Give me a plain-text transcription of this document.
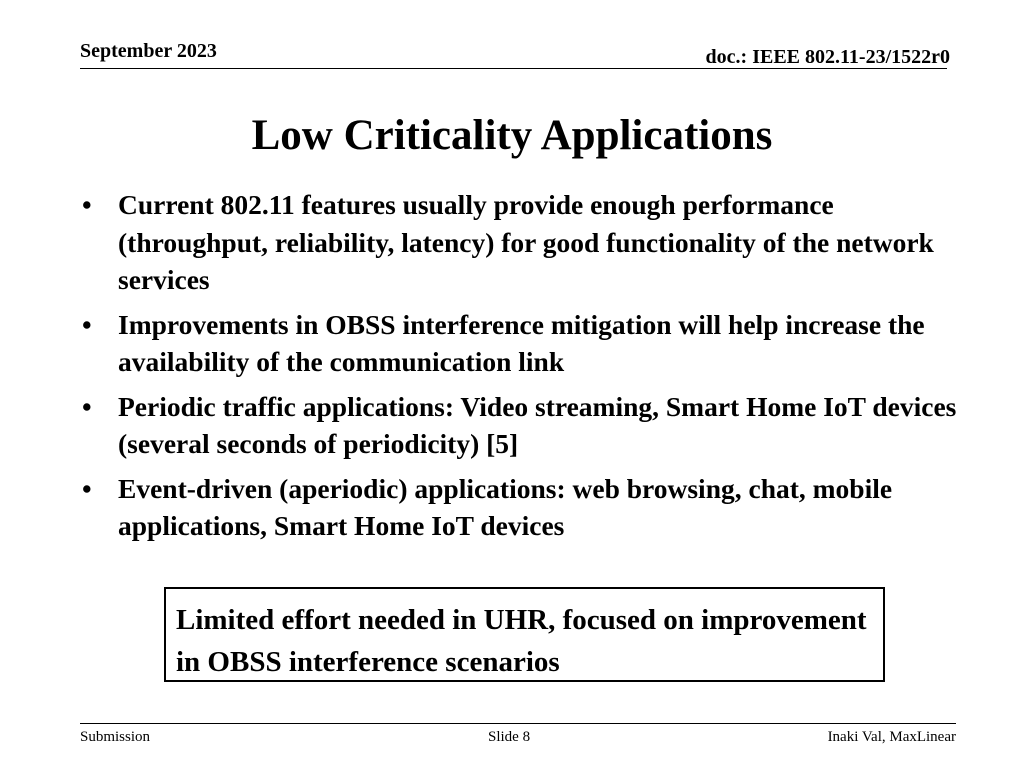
September 2023	doc.: IEEE 802.11-23/1522r0
Low Criticality Applications
• Current 802.11 features usually provide enough performance (throughput, reliability, latency) for good functionality of the network services
• Improvements in OBSS interference mitigation will help increase the availability of the communication link
• Periodic traffic applications: Video streaming, Smart Home IoT devices (several seconds of periodicity) [5]
• Event-driven (aperiodic) applications: web browsing, chat, mobile applications, Smart Home IoT devices
Limited effort needed in UHR, focused on improvement in OBSS interference scenarios
Submission	Slide 8	Inaki Val, MaxLinear
